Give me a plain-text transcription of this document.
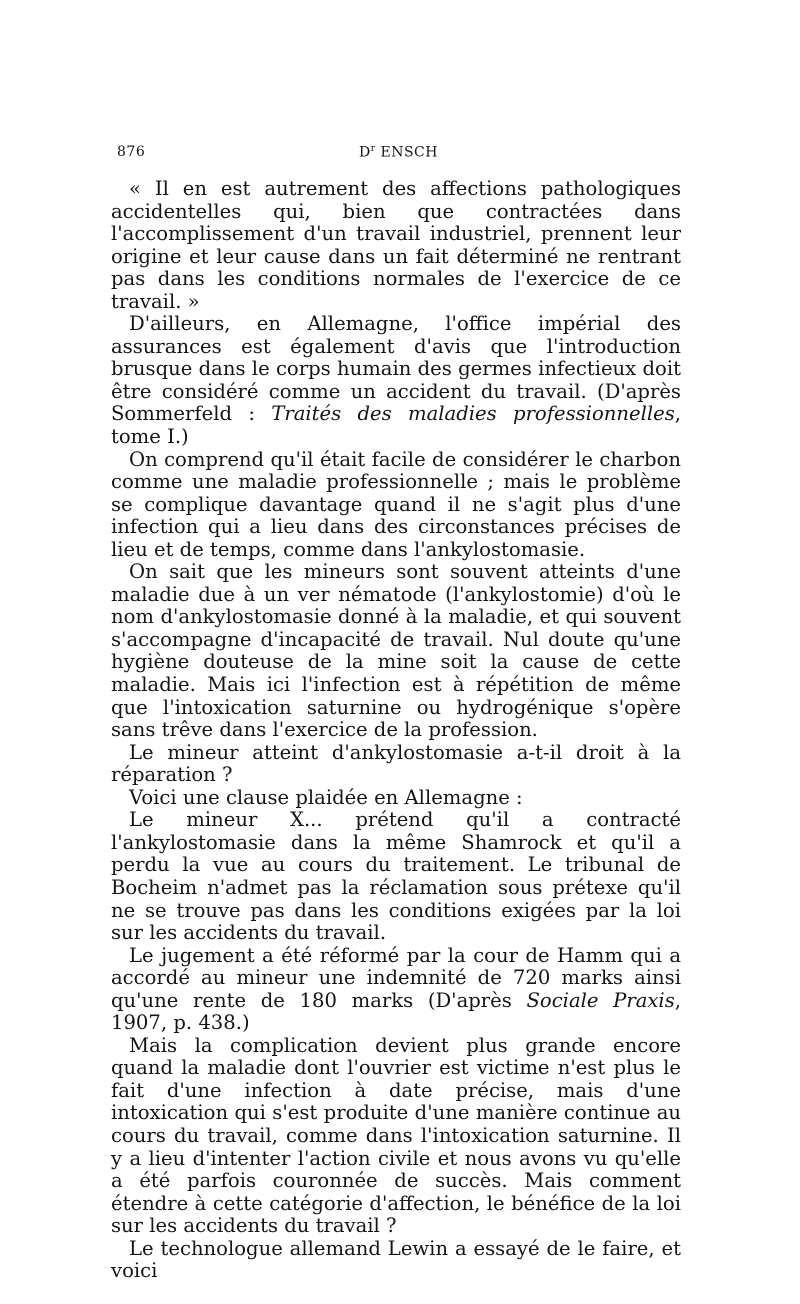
876	$D^r$ ENSCH

« Il en est autrement des affections pathologiques accidentelles qui, bien que contractées dans l'accomplissement d'un travail industriel, prennent leur origine et leur cause dans un fait déterminé ne rentrant pas dans les conditions normales de l'exercice de ce travail. »

D'ailleurs, en Allemagne, l'office impérial des assurances est également d'avis que l'introduction brusque dans le corps humain des germes infectieux doit être considéré comme un accident du travail. (D'après Sommerfeld : Traités des maladies professionnelles, tome I.)

On comprend qu'il était facile de considérer le charbon comme une maladie professionnelle ; mais le problème se complique davantage quand il ne s'agit plus d'une infection qui a lieu dans des circonstances précises de lieu et de temps, comme dans l'ankylostomasie.

On sait que les mineurs sont souvent atteints d'une maladie due à un ver nématode (l'ankylostomie) d'où le nom d'ankylostomasie donné à la maladie, et qui souvent s'accompagne d'incapacité de travail. Nul doute qu'une hygiène douteuse de la mine soit la cause de cette maladie. Mais ici l'infection est à répétition de même que l'intoxication saturnine ou hydrogénique s'opère sans trêve dans l'exercice de la profession.

Le mineur atteint d'ankylostomasie a-t-il droit à la réparation ?

Voici une clause plaidée en Allemagne :

Le mineur X... prétend qu'il a contracté l'ankylostomasie dans la même Shamrock et qu'il a perdu la vue au cours du traitement. Le tribunal de Bocheim n'admet pas la réclamation sous prétexe qu'il ne se trouve pas dans les conditions exigées par la loi sur les accidents du travail.

Le jugement a été réformé par la cour de Hamm qui a accordé au mineur une indemnité de 720 marks ainsi qu'une rente de 180 marks (D'après Sociale Praxis, 1907, p. 438.)

Mais la complication devient plus grande encore quand la maladie dont l'ouvrier est victime n'est plus le fait d'une infection à date précise, mais d'une intoxication qui s'est produite d'une manière continue au cours du travail, comme dans l'intoxication saturnine. Il y a lieu d'intenter l'action civile et nous avons vu qu'elle a été parfois couronnée de succès. Mais comment étendre à cette catégorie d'affection, le bénéfice de la loi sur les accidents du travail ?

Le technologue allemand Lewin a essayé de le faire, et voici
